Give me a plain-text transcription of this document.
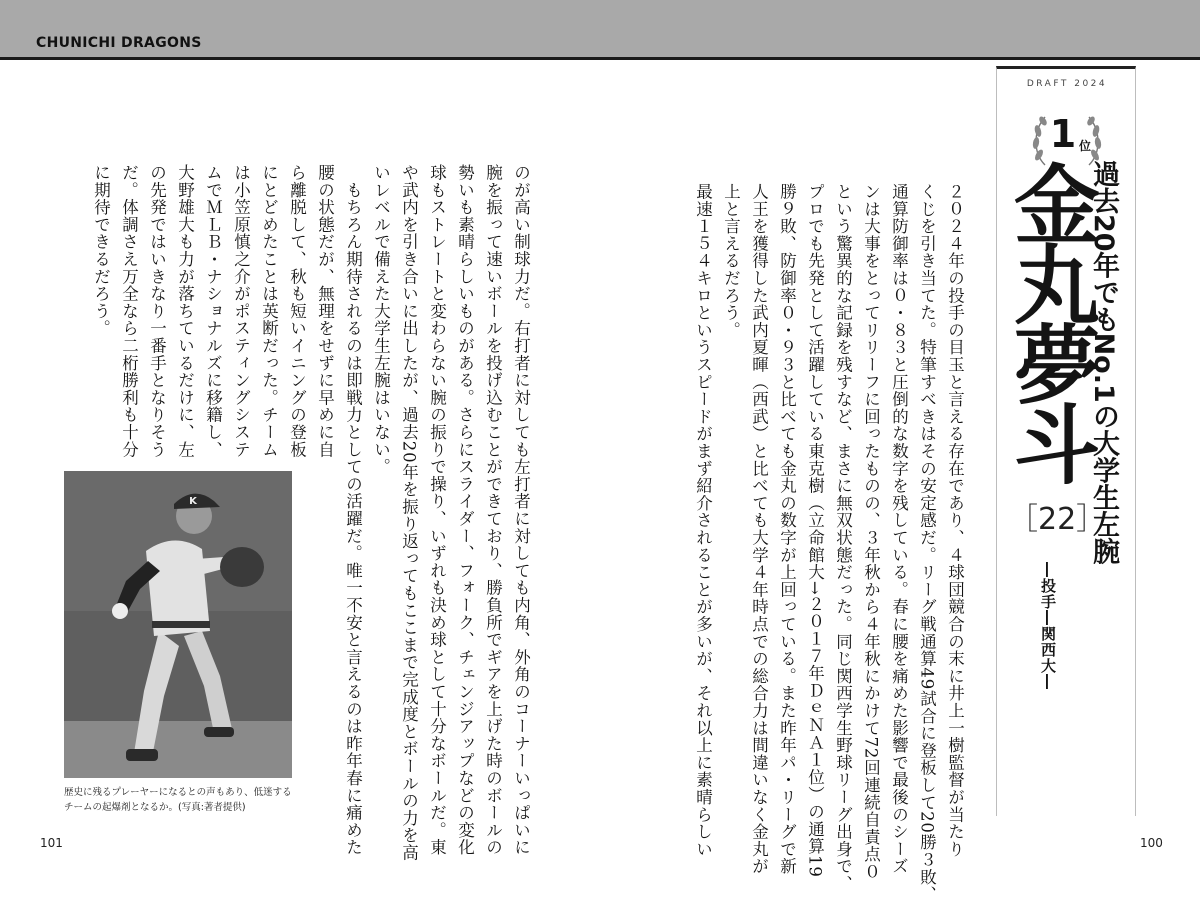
CHUNICHI DRAGONS
DRAFT 2024
1 位
過去20年でもNo.1の大学生左腕
金丸夢斗
［22］
―投手―関西大―
２０２４年の投手の目玉と言える存在であり、４球団競合の末に井上一樹監督が当たり
くじを引き当てた。特筆すべきはその安定感だ。リーグ戦通算49試合に登板して20勝３敗、
通算防御率は０・８３と圧倒的な数字を残している。春に腰を痛めた影響で最後のシーズ
ンは大事をとってリリーフに回ったものの、３年秋から４年秋にかけて72回連続自責点０
という驚異的な記録を残すなど、まさに無双状態だった。同じ関西学生野球リーグ出身で、
プロでも先発として活躍している東克樹（立命館大→２０１７年ＤｅＮＡ１位）の通算19
勝９敗、防御率０・９３と比べても金丸の数字が上回っている。また昨年パ・リーグで新
人王を獲得した武内夏暉（西武）と比べても大学４年時点での総合力は間違いなく金丸が
上と言えるだろう。
最速１５４キロというスピードがまず紹介されることが多いが、それ以上に素晴らしい
のが高い制球力だ。右打者に対しても左打者に対しても内角、外角のコーナーいっぱいに
腕を振って速いボールを投げ込むことができており、勝負所でギアを上げた時のボールの
勢いも素晴らしいものがある。さらにスライダー、フォーク、チェンジアップなどの変化
球もストレートと変わらない腕の振りで操り、いずれも決め球として十分なボールだ。東
や武内を引き合いに出したが、過去20年を振り返ってもここまで完成度とボールの力を高
いレベルで備えた大学生左腕はいない。
　もちろん期待されるのは即戦力としての活躍だ。唯一不安と言えるのは昨年春に痛めた
腰の状態だが、無理をせずに早めに自
ら離脱して、秋も短いイニングの登板
にとどめたことは英断だった。チーム
は小笠原慎之介がポスティングシステ
ムでＭＬＢ・ナショナルズに移籍し、
大野雄大も力が落ちているだけに、左
の先発ではいきなり一番手となりそう
だ。体調さえ万全なら二桁勝利も十分
に期待できるだろう。
K
歴史に残るプレーヤーになるとの声もあり、低迷するチームの起爆剤となるか。(写真:著者提供)
101	100
